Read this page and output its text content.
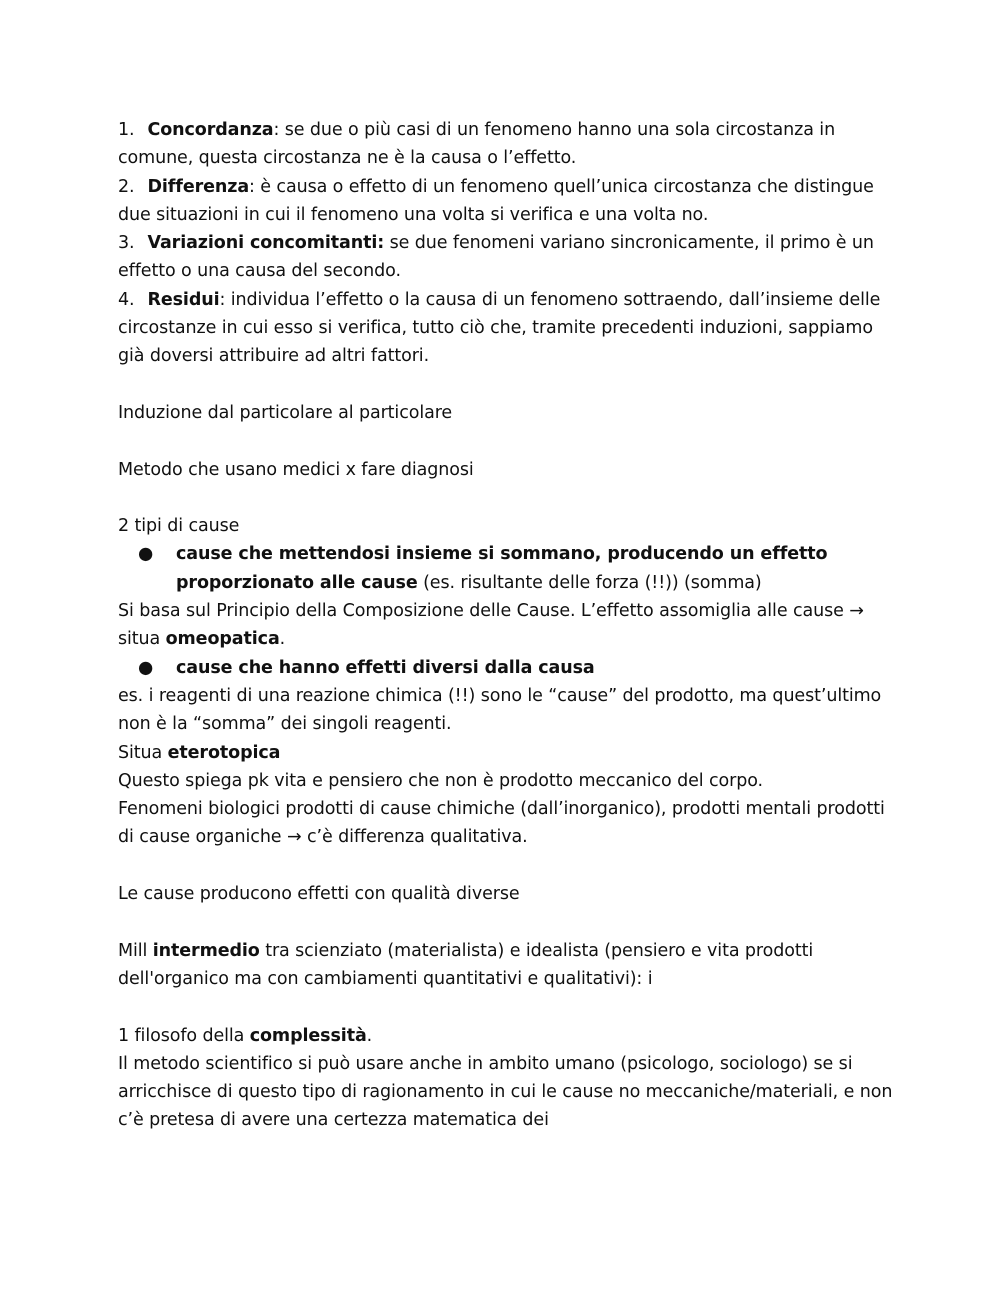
1. Concordanza: se due o più casi di un fenomeno hanno una sola circostanza in comune, questa circostanza ne è la causa o l’effetto.

2. Differenza: è causa o effetto di un fenomeno quell’unica circostanza che distingue due situazioni in cui il fenomeno una volta si verifica e una volta no.

3. Variazioni concomitanti: se due fenomeni variano sincronicamente, il primo è un effetto o una causa del secondo.

4. Residui: individua l’effetto o la causa di un fenomeno sottraendo, dall’insieme delle circostanze in cui esso si verifica, tutto ciò che, tramite precedenti induzioni, sappiamo già doversi attribuire ad altri fattori.

Induzione dal particolare al particolare

Metodo che usano medici x fare diagnosi

2 tipi di cause

● cause che mettendosi insieme si sommano, producendo un effetto proporzionato alle cause (es. risultante delle forza (!!)) (somma)

Si basa sul Principio della Composizione delle Cause. L’effetto assomiglia alle cause → situa omeopatica.

● cause che hanno effetti diversi dalla causa

es. i reagenti di una reazione chimica (!!) sono le “cause” del prodotto, ma quest’ultimo non è la “somma” dei singoli reagenti.

Situa eterotopica

Questo spiega pk vita e pensiero che non è prodotto meccanico del corpo.

Fenomeni biologici prodotti di cause chimiche (dall’inorganico), prodotti mentali prodotti di cause organiche → c’è differenza qualitativa.

Le cause producono effetti con qualità diverse

Mill intermedio tra scienziato (materialista) e idealista (pensiero e vita prodotti dell'organico ma con cambiamenti quantitativi e qualitativi): i

1 filosofo della complessità.

Il metodo scientifico si può usare anche in ambito umano (psicologo, sociologo) se si arricchisce di questo tipo di ragionamento in cui le cause no meccaniche/materiali, e non c’è pretesa di avere una certezza matematica dei
